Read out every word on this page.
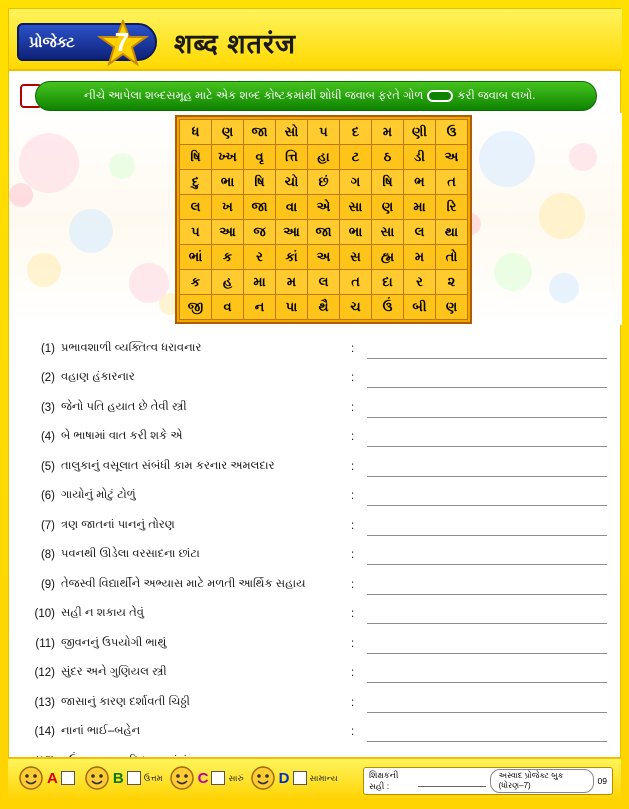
પ્રોજેક્ટ	7	शब्द शतरंज
નીચે આપેલા શબ્દસમૂહ માટે એક શબ્દ કોષ્ટકમાંથી શોધી જવાબ ફરતે ગોળ	કરી જવાબ લખો.
ધ	ણ	જા	સો	પ	દ	મ	ણી	ઉ
ષિ	ખ્ખ	વૃ	ત્તિ	હા	ટ	ઠ	ડી	અ
દુ	ભા	ષિ	ચો	છં	ગ	ષિ	ભ	ત
લ	ખ	જા	વા	એ	સા	ણ	મા	રિ
પ	આ	જ	આ	જા	ભા	સા	લ	થા
ભાં	ક	ર	કાં	અ	સ	હ્મ	મ	તો
ક	હ	મા	મ	લ	ત	દા	ર	૨
જી	વ	ન	પા	થૈ	ચ	ઉં	બી	ણ
(1) પ્રભાવશાળી વ્યક્તિત્વ ધરાવનાર	:
(2) વહાણ હંકારનાર	:
(3) જેનો પતિ હયાત છે તેવી સ્ત્રી	:
(4) બે ભાષામાં વાત કરી શકે એ	:
(5) તાલુકાનું વસૂલાત સંબંધી કામ કરનાર અમલદાર	:
(6) ગાયોનું મોટું ટોળું	:
(7) ત્રણ જાતનાં પાનનું તોરણ	:
(8) પવનથી ઊડેલા વરસાદના છાંટા	:
(9) તેજસ્વી વિદ્યાર્થીને અભ્યાસ માટે મળતી આર્થિક સહાય	:
(10) સહી ન શકાય તેવું	:
(11) જીવનનું ઉપયોગી ભાથું	:
(12) સુંદર અને ગુણિયલ સ્ત્રી	:
(13) જાસાનું કારણ દર્શાવતી ચિઠ્ઠી	:
(14) નાનાં ભાઈ–બહેન	:
A	B ઉત્તમ C સારું D સામાન્ય	શિક્ષકની સહી :
અસ્વાદ પ્રોજેક્ટ બુક (ધોરણ–7)	09
